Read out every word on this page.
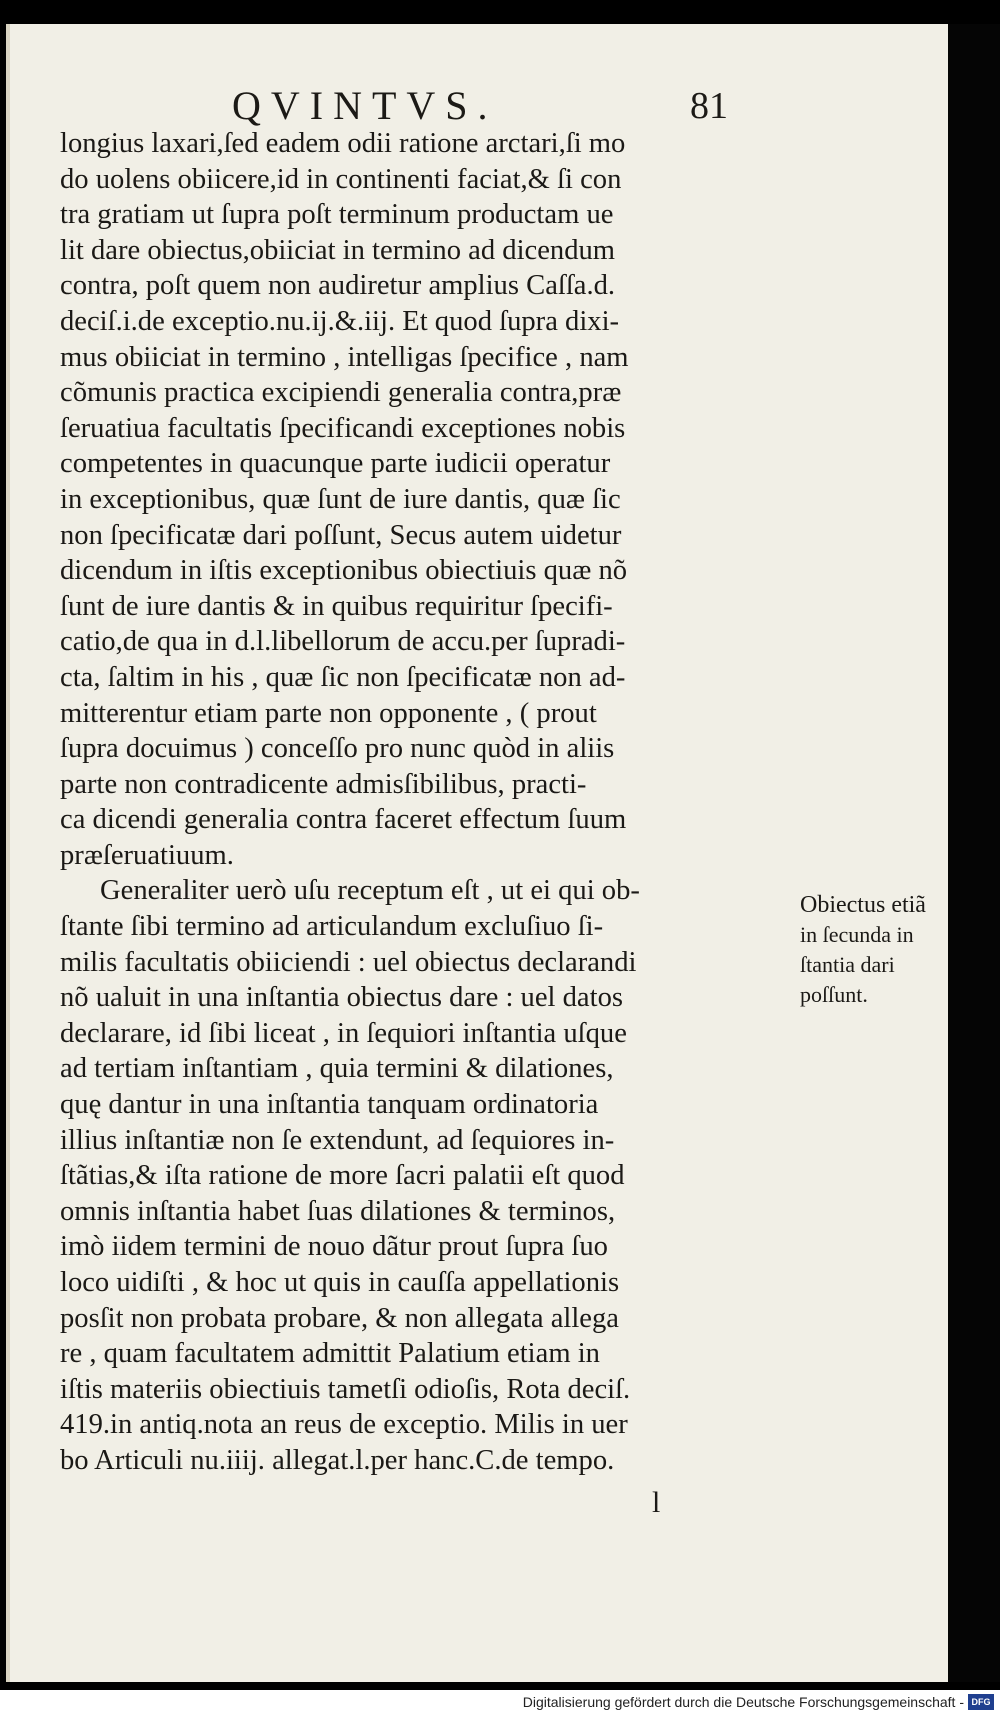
QVINTVS.	81
longius laxari,ſed eadem odii ratione arctari,ſi mo
do uolens obiicere,id in continenti faciat,& ſi con
tra gratiam ut ſupra poſt terminum productam ue
lit dare obiectus,obiiciat in termino ad dicendum
contra, poſt quem non audiretur amplius Caſſa.d.
deciſ.i.de exceptio.nu.ij.&.iij. Et quod ſupra dixi-
mus obiiciat in termino , intelligas ſpecifice , nam
cõmunis practica excipiendi generalia contra,præ
ſeruatiua facultatis ſpecificandi exceptiones nobis
competentes in quacunque parte iudicii operatur
in exceptionibus, quæ ſunt de iure dantis, quæ ſic
non ſpecificatæ dari poſſunt, Secus autem uidetur
dicendum in iſtis exceptionibus obiectiuis quæ nõ
ſunt de iure dantis & in quibus requiritur ſpecifi-
catio,de qua in d.l.libellorum de accu.per ſupradi-
cta, ſaltim in his , quæ ſic non ſpecificatæ non ad-
mitterentur etiam parte non opponente , ( prout
ſupra docuimus ) conceſſo pro nunc quòd in aliis
parte non contradicente admisſibilibus, practi-
ca dicendi generalia contra faceret effectum ſuum
præſeruatiuum.
Generaliter uerò uſu receptum eſt , ut ei qui ob-
ſtante ſibi termino ad articulandum excluſiuo ſi-
milis facultatis obiiciendi : uel obiectus declarandi
nõ ualuit in una inſtantia obiectus dare : uel datos
declarare, id ſibi liceat , in ſequiori inſtantia uſque
ad tertiam inſtantiam , quia termini & dilationes,
quę dantur in una inſtantia tanquam ordinatoria
illius inſtantiæ non ſe extendunt, ad ſequiores in-
ſtãtias,& iſta ratione de more ſacri palatii eſt quod
omnis inſtantia habet ſuas dilationes & terminos,
imò iidem termini de nouo dãtur prout ſupra ſuo
loco uidiſti , & hoc ut quis in cauſſa appellationis
posſit non probata probare, & non allegata allega
re , quam facultatem admittit Palatium etiam in
iſtis materiis obiectiuis tametſi odioſis, Rota deciſ.
419.in antiq.nota an reus de exceptio. Milis in uer
bo Articuli nu.iiij. allegat.l.per hanc.C.de tempo.
l
Obiectus etiã
in ſecunda in
ſtantia dari
poſſunt.
Digitalisierung gefördert durch die Deutsche Forschungsgemeinschaft - DFG
